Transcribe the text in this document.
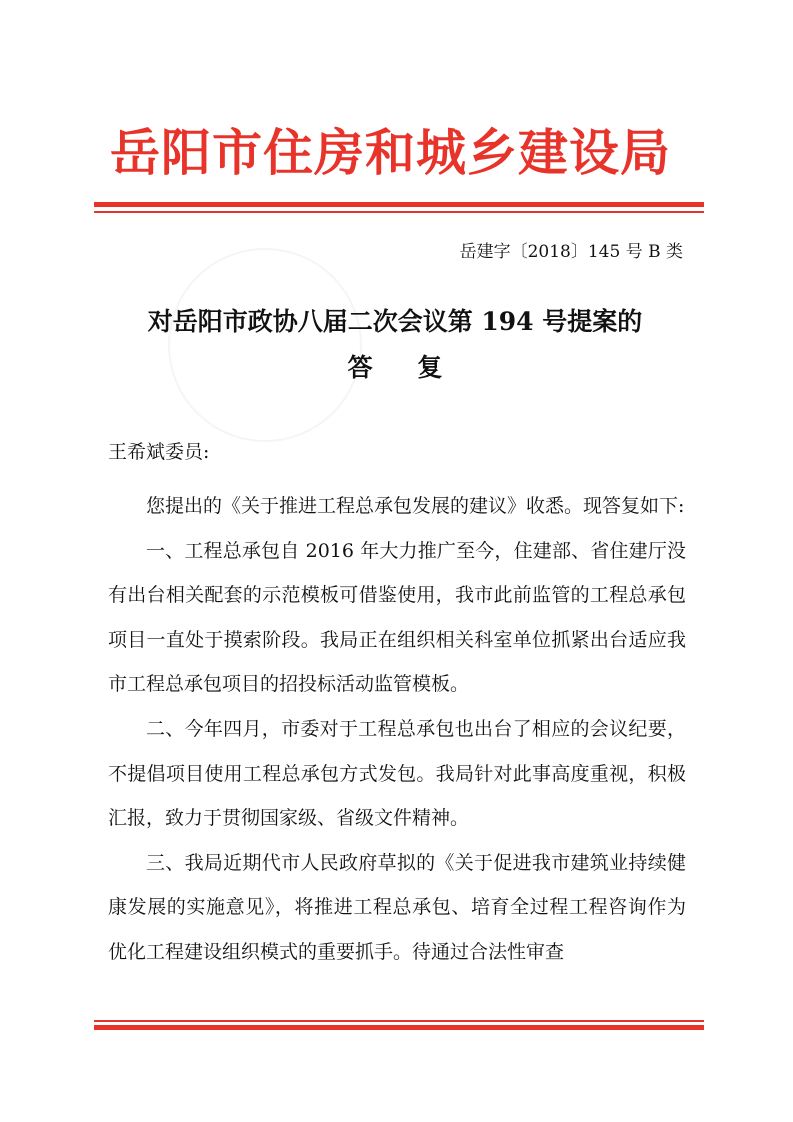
岳阳市住房和城乡建设局
岳建字〔2018〕145 号 B 类
对岳阳市政协八届二次会议第 194 号提案的
答 复
王希斌委员:

您提出的《关于推进工程总承包发展的建议》收悉。现答复如下:

一、工程总承包自 2016 年大力推广至今，住建部、省住建厅没有出台相关配套的示范模板可借鉴使用，我市此前监管的工程总承包项目一直处于摸索阶段。我局正在组织相关科室单位抓紧出台适应我市工程总承包项目的招投标活动监管模板。

二、今年四月，市委对于工程总承包也出台了相应的会议纪要，不提倡项目使用工程总承包方式发包。我局针对此事高度重视，积极汇报，致力于贯彻国家级、省级文件精神。

三、我局近期代市人民政府草拟的《关于促进我市建筑业持续健康发展的实施意见》，将推进工程总承包、培育全过程工程咨询作为优化工程建设组织模式的重要抓手。待通过合法性审查
